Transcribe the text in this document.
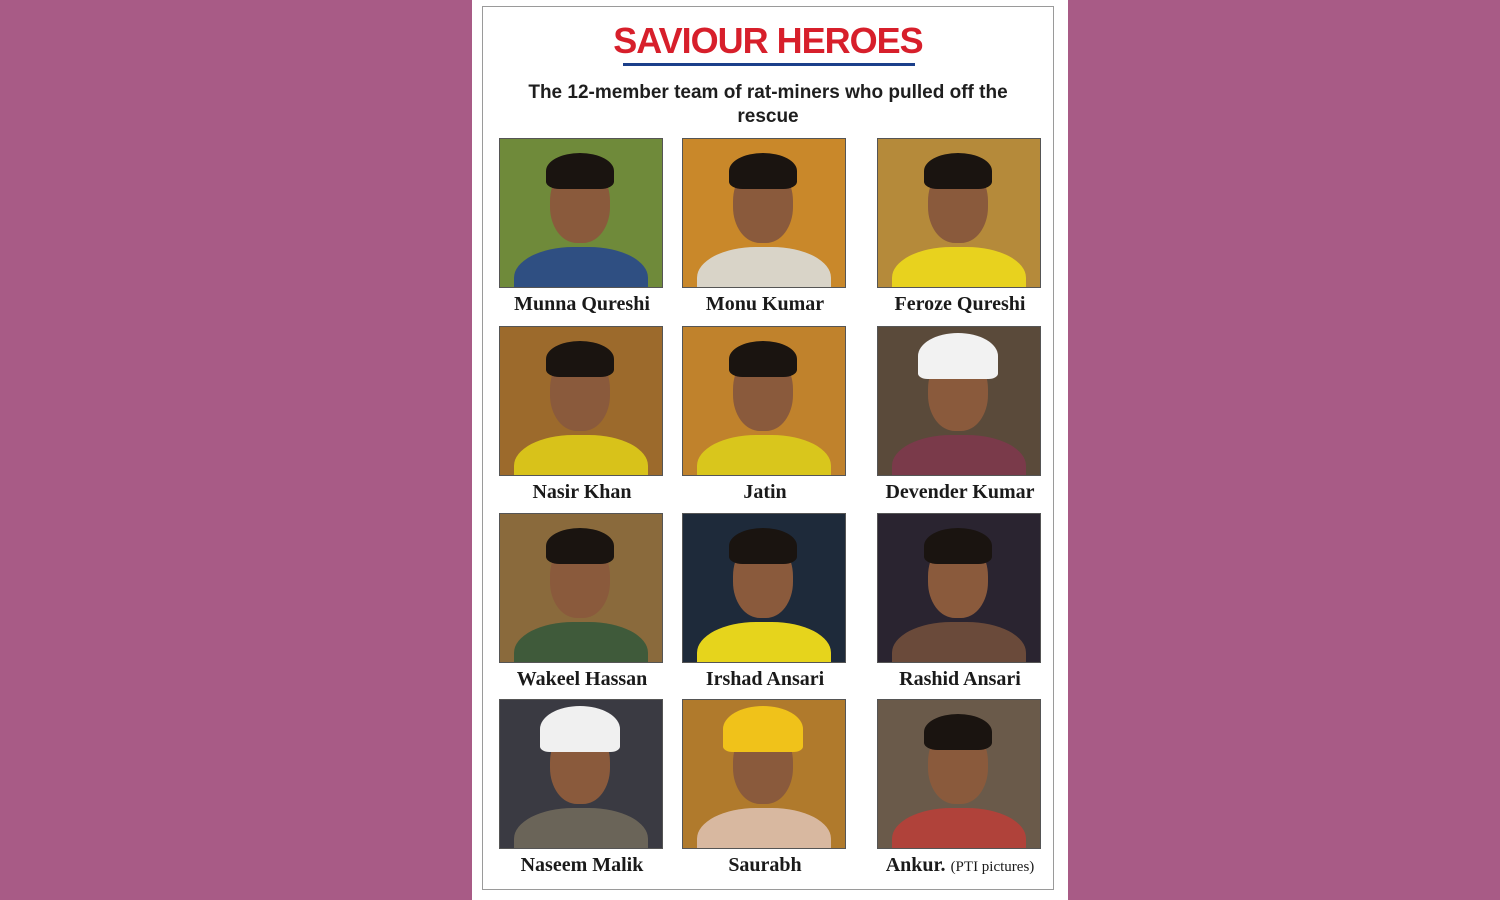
SAVIOUR HEROES
The 12-member team of rat-miners who pulled off the rescue
Munna Qureshi	Monu Kumar	Feroze Qureshi
Nasir Khan	Jatin	Devender Kumar
Wakeel Hassan	Irshad Ansari	Rashid Ansari
Naseem Malik	Saurabh	Ankur. (PTI pictures)
